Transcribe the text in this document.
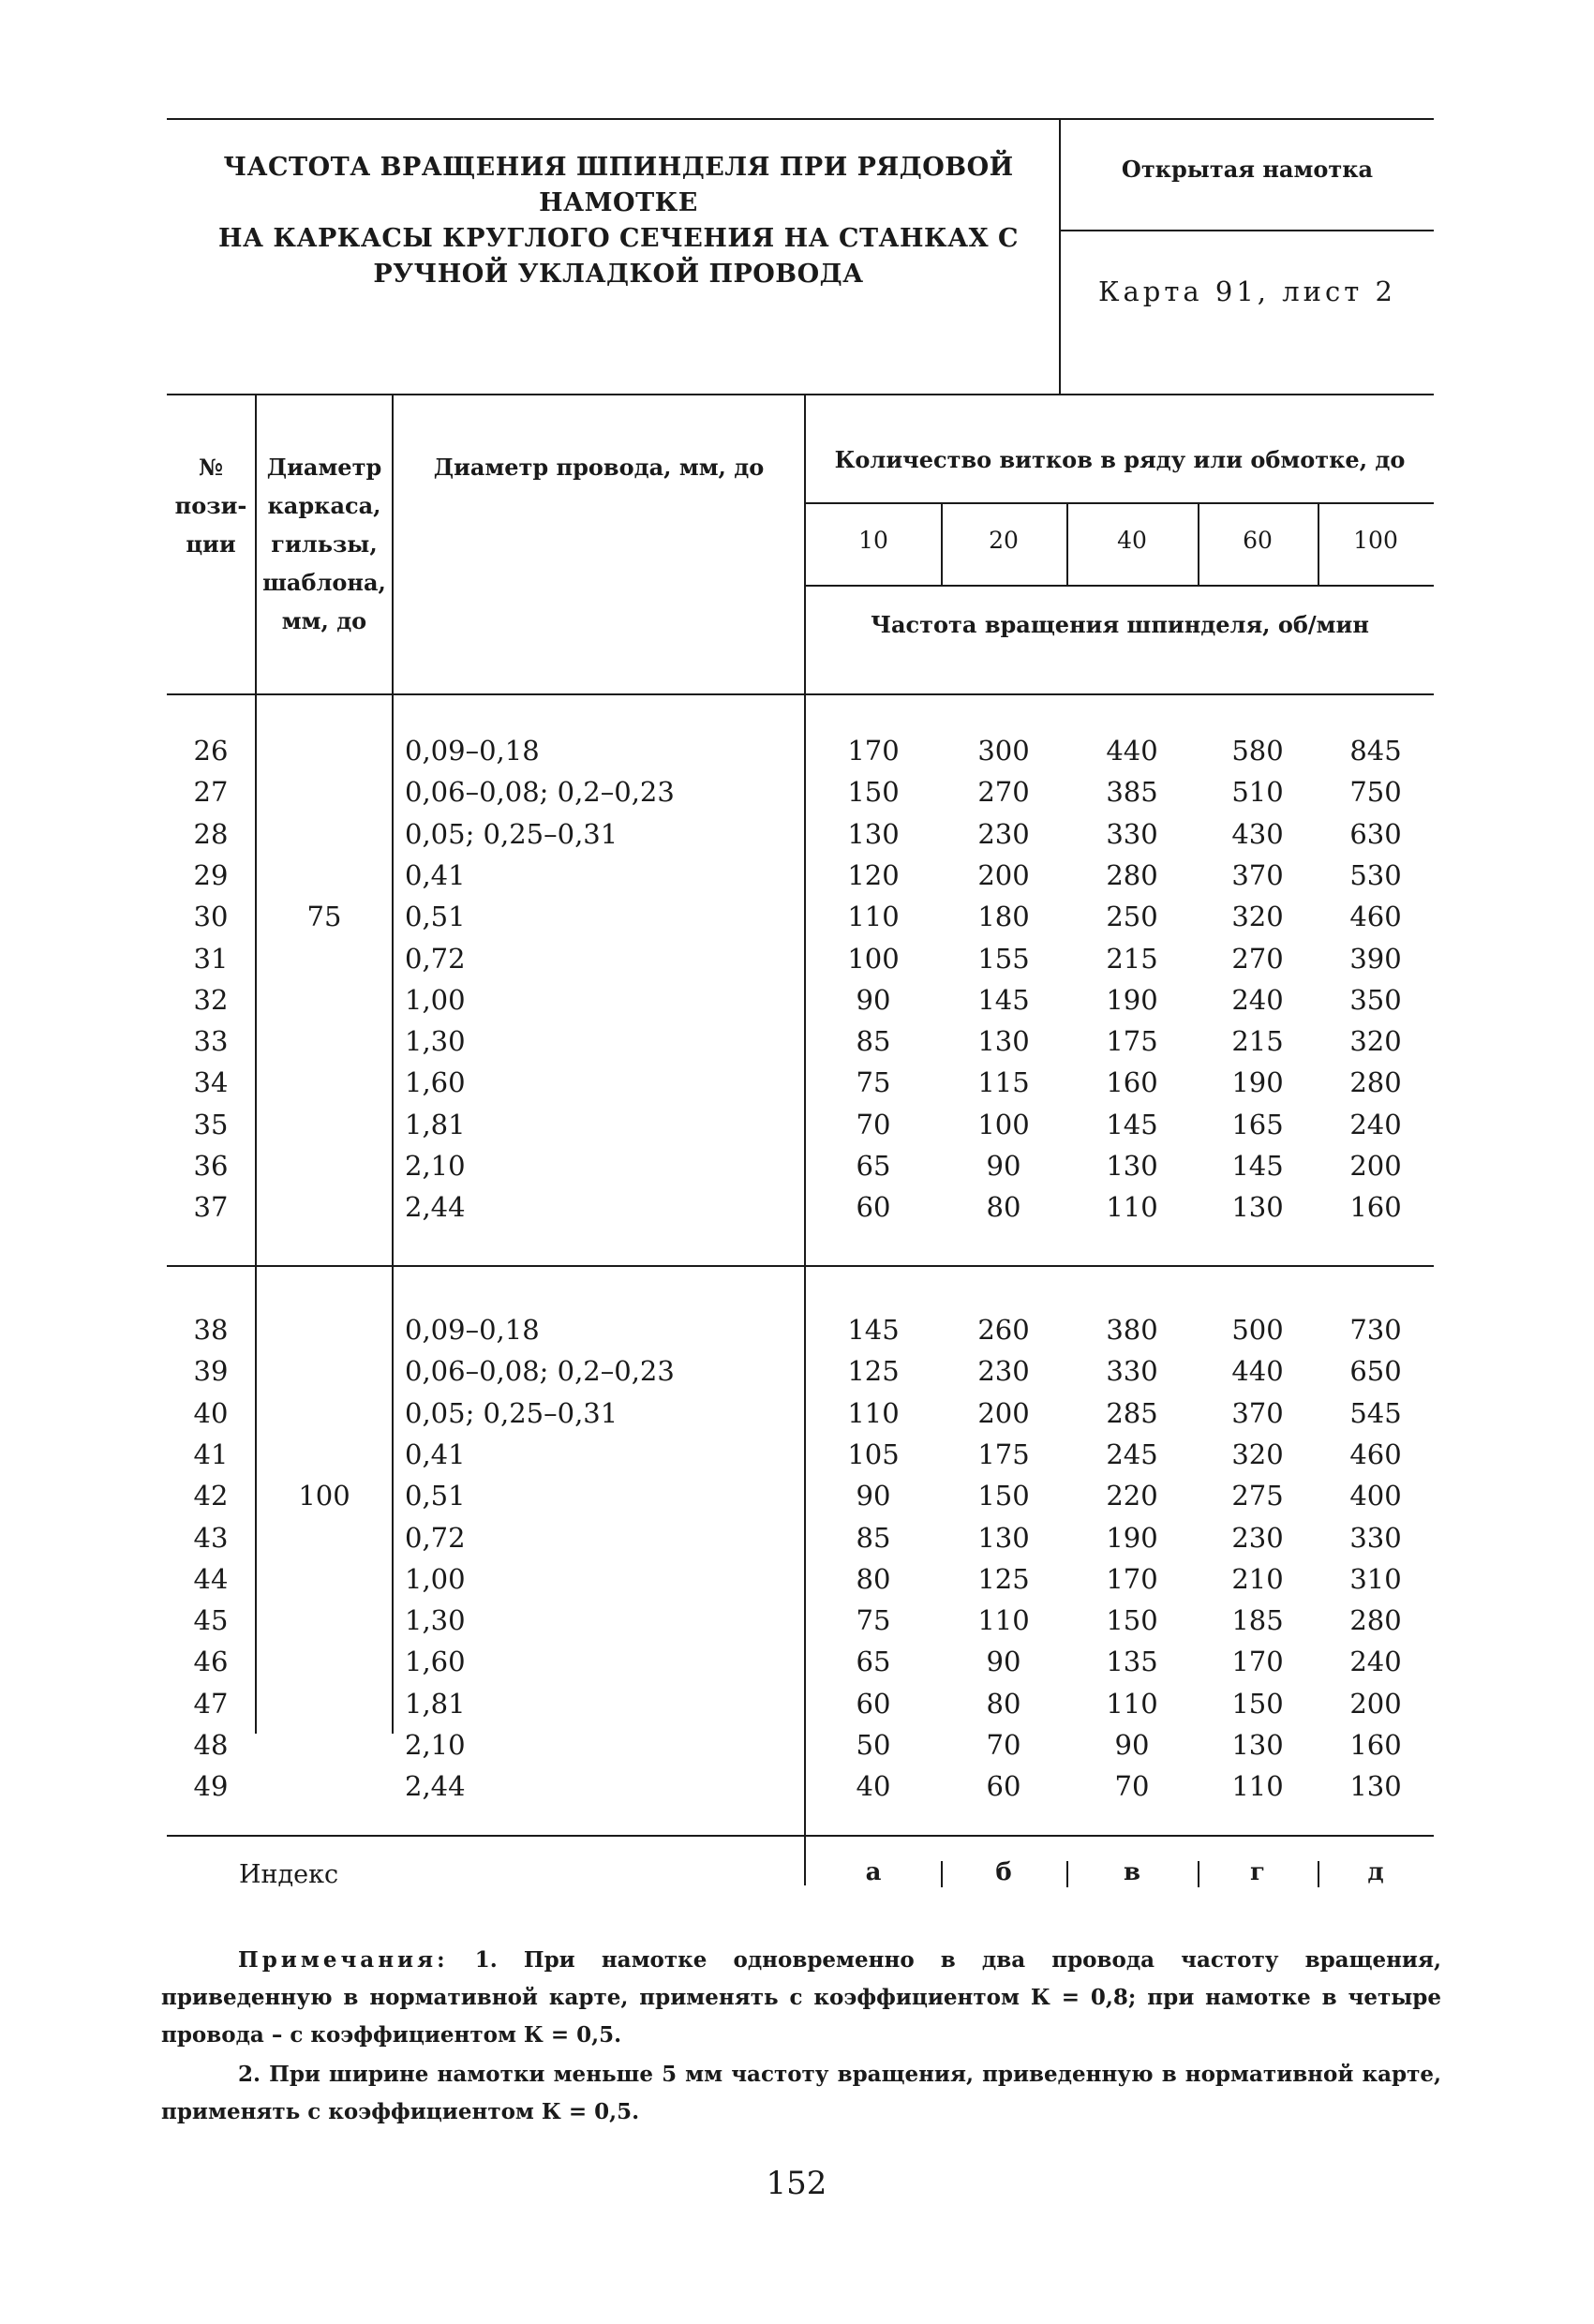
ЧАСТОТА ВРАЩЕНИЯ ШПИНДЕЛЯ ПРИ РЯДОВОЙ НАМОТКЕ
НА КАРКАСЫ КРУГЛОГО СЕЧЕНИЯ НА СТАНКАХ С
РУЧНОЙ УКЛАДКОЙ ПРОВОДА
Открытая намотка
Карта 91, лист 2
№
пози-
ции
Диаметр
каркаса,
гильзы,
шаблона,
мм, до
Диаметр провода, мм, до	Количество витков в ряду или обмотке, до
Частота вращения шпинделя, об/мин
10	20	40	60	100
75
26	0,09–0,18	170	300	440	580	845
27	0,06–0,08; 0,2–0,23	150	270	385	510	750
28	0,05; 0,25–0,31	130	230	330	430	630
29	0,41	120	200	280	370	530
30	0,51	110	180	250	320	460
31	0,72	100	155	215	270	390
32	1,00	90	145	190	240	350
33	1,30	85	130	175	215	320
34	1,60	75	115	160	190	280
35	1,81	70	100	145	165	240
36	2,10	65	90	130	145	200
37	2,44	60	80	110	130	160
100
38	0,09–0,18	145	260	380	500	730
39	0,06–0,08; 0,2–0,23	125	230	330	440	650
40	0,05; 0,25–0,31	110	200	285	370	545
41	0,41	105	175	245	320	460
42	0,51	90	150	220	275	400
43	0,72	85	130	190	230	330
44	1,00	80	125	170	210	310
45	1,30	75	110	150	185	280
46	1,60	65	90	135	170	240
47	1,81	60	80	110	150	200
48	2,10	50	70	90	130	160
49	2,44	40	60	70	110	130
Индекс	а	б	в	г	д

Примечания: 1. При намотке одновременно в два провода частоту вращения, приведенную в нормативной карте, применять с коэффициентом К = 0,8; при намотке в четыре провода – с коэффициентом К = 0,5.

2. При ширине намотки меньше 5 мм частоту вращения, приведенную в нормативной карте, применять с коэффициентом К = 0,5.

152
